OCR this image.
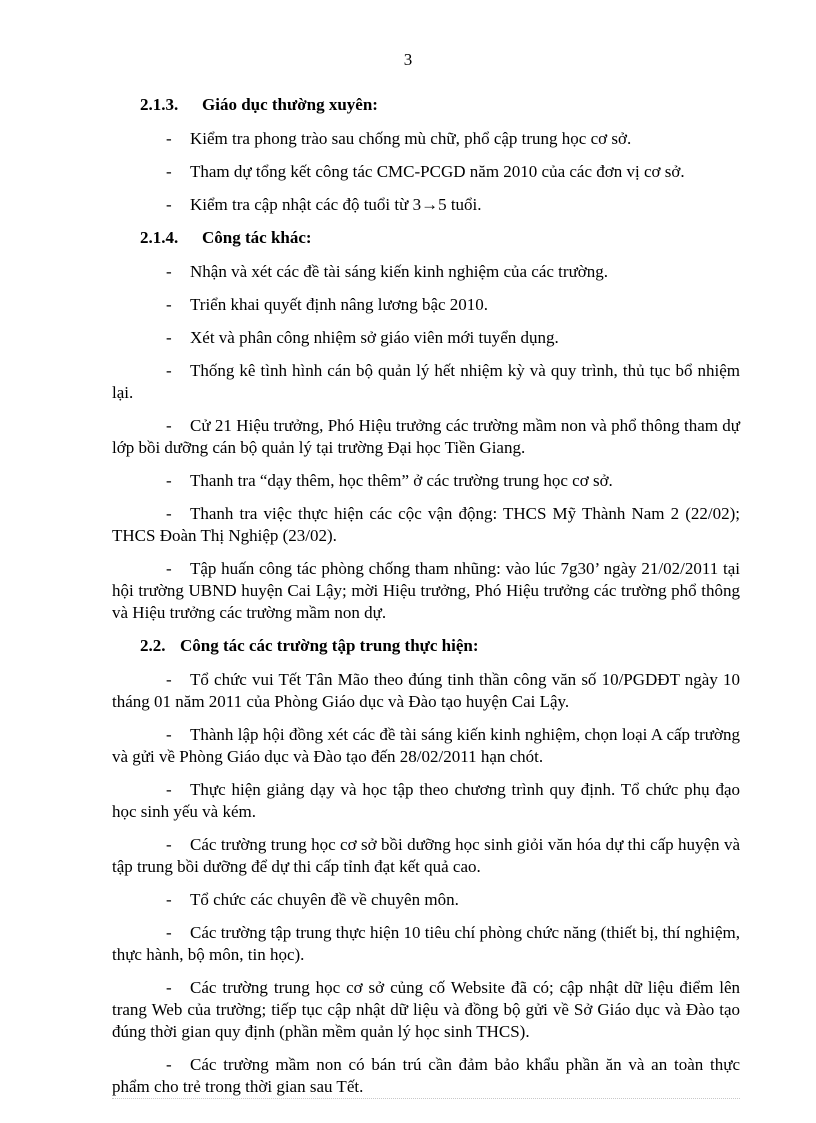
3
2.1.3. Giáo dục thường xuyên:

- Kiểm tra phong trào sau chống mù chữ, phổ cập trung học cơ sở.

- Tham dự tổng kết công tác CMC-PCGD năm 2010 của các đơn vị cơ sở.

- Kiểm tra cập nhật các độ tuổi từ 3→5 tuổi.

2.1.4. Công tác khác:

- Nhận và xét các đề tài sáng kiến kinh nghiệm của các trường.

- Triển khai quyết định nâng lương bậc 2010.

- Xét và phân công nhiệm sở giáo viên mới tuyển dụng.

- Thống kê tình hình cán bộ quản lý hết nhiệm kỳ và quy trình, thủ tục bổ nhiệm lại.

- Cử 21 Hiệu trưởng, Phó Hiệu trưởng các trường mầm non và phổ thông tham dự lớp bồi dưỡng cán bộ quản lý tại trường Đại học Tiền Giang.

- Thanh tra “dạy thêm, học thêm” ở các trường trung học cơ sở.

- Thanh tra việc thực hiện các cộc vận động: THCS Mỹ Thành Nam 2 (22/02); THCS Đoàn Thị Nghiệp (23/02).

- Tập huấn công tác phòng chống tham nhũng: vào lúc 7g30’ ngày 21/02/2011 tại hội trường UBND huyện Cai Lậy; mời Hiệu trưởng, Phó Hiệu trưởng các trường phổ thông và Hiệu trưởng các trường mầm non dự.

2.2. Công tác các trường tập trung thực hiện:

- Tổ chức vui Tết Tân Mão theo đúng tinh thần công văn số 10/PGDĐT ngày 10 tháng 01 năm 2011 của Phòng Giáo dục và Đào tạo huyện Cai Lậy.

- Thành lập hội đồng xét các đề tài sáng kiến kinh nghiệm, chọn loại A cấp trường và gửi về Phòng Giáo dục và Đào tạo đến 28/02/2011 hạn chót.

- Thực hiện giảng dạy và học tập theo chương trình quy định. Tổ chức phụ đạo học sinh yếu và kém.

- Các trường trung học cơ sở bồi dưỡng học sinh giỏi văn hóa dự thi cấp huyện và tập trung bồi dưỡng để dự thi cấp tỉnh đạt kết quả cao.

- Tổ chức các chuyên đề về chuyên môn.

- Các trường tập trung thực hiện 10 tiêu chí phòng chức năng (thiết bị, thí nghiệm, thực hành, bộ môn, tin học).

- Các trường trung học cơ sở củng cố Website đã có; cập nhật dữ liệu điểm lên trang Web của trường; tiếp tục cập nhật dữ liệu và đồng bộ gửi về Sở Giáo dục và Đào tạo đúng thời gian quy định (phần mềm quản lý học sinh THCS).

- Các trường mầm non có bán trú cần đảm bảo khẩu phần ăn và an toàn thực phẩm cho trẻ trong thời gian sau Tết.
